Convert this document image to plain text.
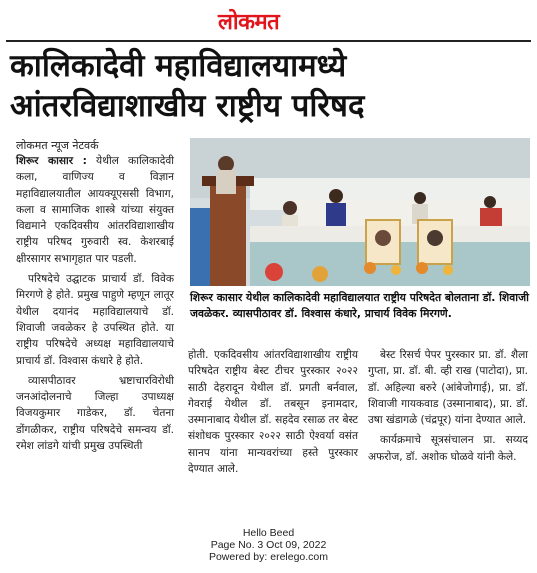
लोकमत
कालिकादेवी महाविद्यालयामध्ये
आंतरविद्याशाखीय राष्ट्रीय परिषद
लोकमत न्यूज नेटवर्क

शिरूर कासार : येथील कालिकादेवी कला, वाणिज्य व विज्ञान महाविद्यालयातील आयक्यूएससी विभाग, कला व सामाजिक शास्त्रे यांच्या संयुक्त विद्यमाने एकदिवसीय आंतरविद्याशाखीय राष्ट्रीय परिषद गुरुवारी स्व. केशरबाई क्षीरसागर सभागृहात पार पडली.

परिषदेचे उद्घाटक प्राचार्य डॉ. विवेक मिरगणे हे होते. प्रमुख पाहुणे म्हणून लातूर येथील दयानंद महाविद्यालयाचे डॉ. शिवाजी जवळेकर हे उपस्थित होते. या राष्ट्रीय परिषदेचे अध्यक्ष महाविद्यालयाचे प्राचार्य डॉ. विश्वास कंधारे हे होते.

व्यासपीठावर भ्रष्टाचारविरोधी जनआंदोलनाचे जिल्हा उपाध्यक्ष विजयकुमार गाडेकर, डॉ. चेतना डोंगळीकर, राष्ट्रीय परिषदेचे समन्वय डॉ. रमेश लांडगे यांची प्रमुख उपस्थिती

शिरूर कासार येथील कालिकादेवी महाविद्यालयात राष्ट्रीय परिषदेत बोलताना डॉ. शिवाजी जवळेकर. व्यासपीठावर डॉ. विश्वास कंधारे, प्राचार्य विवेक मिरगणे.

होती. एकदिवसीय आंतरविद्याशाखीय राष्ट्रीय परिषदेत राष्ट्रीय बेस्ट टीचर पुरस्कार २०२२ साठी देहरादून येथील डॉ. प्रगती बर्नवाल, गेवराई येथील डॉ. तबसून इनामदार, उस्मानाबाद येथील डॉ. सहदेव रसाळ तर बेस्ट संशोधक पुरस्कार २०२२ साठी ऐश्वर्या वसंत सानप यांना मान्यवरांच्या हस्ते पुरस्कार देण्यात आले.

बेस्ट रिसर्च पेपर पुरस्कार प्रा. डॉ. शैला गुप्ता, प्रा. डॉ. बी. व्ही राख (पाटोदा), प्रा. डॉ. अहिल्या बरुरे (आंबेजोगाई), प्रा. डॉ. शिवाजी गायकवाड (उस्मानाबाद), प्रा. डॉ. उषा खंडागळे (चंद्रपूर) यांना देण्यात आले.

कार्यक्रमाचे सूत्रसंचालन प्रा. सय्यद अफरोज, डॉ. अशोक घोळवे यांनी केले.

Hello Beed
Page No. 3 Oct 09, 2022
Powered by: erelego.com
